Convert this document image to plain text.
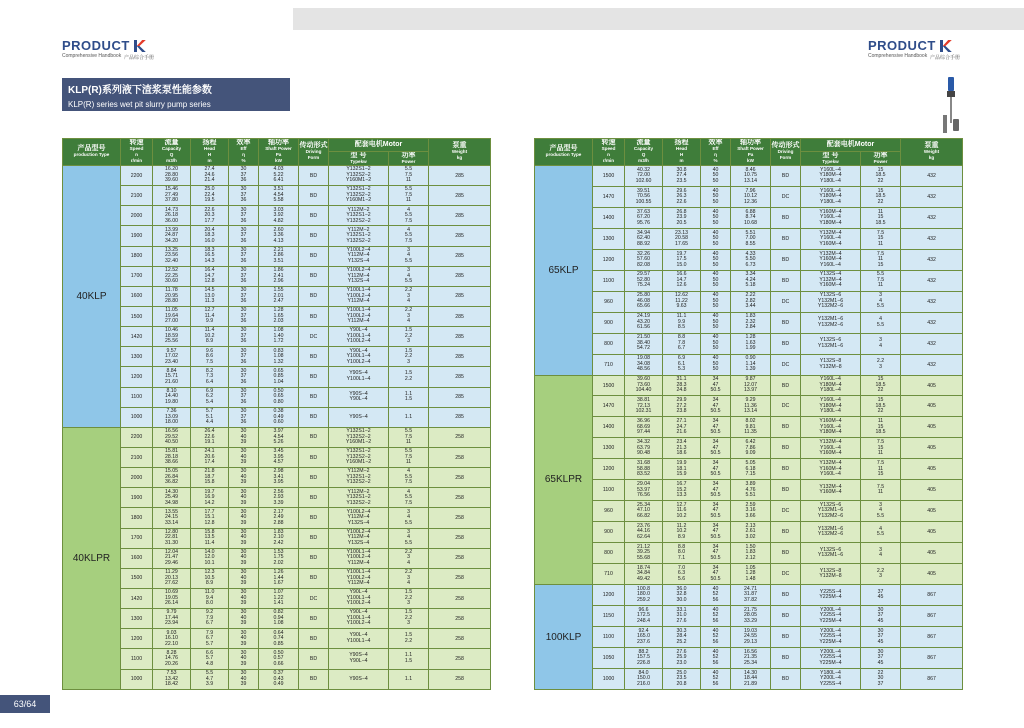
PRODUCT
Comprehensive Handbook 产品综合手册
PRODUCT
Comprehensive Handbook 产品综合手册
KLP(R)系列液下渣浆泵性能参数
KLP(R) series wet pit slurry pump series
产品型号
production Type	转速
Speed
n
r/min	流量
Capacity
Q
m3/h	扬程
Head
H
m	效率
Eff
η
%	轴功率
Shaft Power
Pa
kW	传动形式
Driving
Form	配套电机Motor		泵重
Weight
kg

							型 号
Typekw	功率
Power	

40KLP	2200	16.20
28.80
39.60	27.4
24.6
21.4	30
37
36	4.03
5.22
6.41	BD	Y132S1−2
Y132S2−2
Y160M1−2	5.5
7.5
11	285
	2100	15.46
27.49
37.80	25.0
22.4
19.5	30
37
36	3.51
4.54
5.58	BD	Y132S1−2
Y132S2−2
Y160M1−2	5.5
7.5
11	285
	2000	14.73
26.18
36.00	22.6
20.3
17.7	30
37
36	3.03
3.92
4.82	BD	Y112M−2
Y132S1−2
Y132S2−2	4
5.5
7.5	285
	1900	13.99
24.87
34.20	20.4
18.3
16.0	30
37
36	2.60
3.36
4.13	BD	Y112M−2
Y132S1−2
Y132S2−2	4
5.5
7.5	285
	1800	13.25
23.56
32.40	18.3
16.5
14.3	30
37
36	2.21
2.86
3.51	BD	Y100L2−4
Y112M−4
Y132S−4	3
4
5.5	285
	1700	12.52
22.25
30.60	16.4
14.7
12.8	30
37
36	1.86
2.41
2.96	BD	Y100L2−4
Y112M−4
Y132S−4	3
4
5.5	285
	1600	11.78
20.95
28.80	14.5
13.0
11.3	30
37
36	1.55
2.01
2.47	BD	Y100L1−4
Y100L2−4
Y112M−4	2.2
3
4	285
	1500	11.05
19.64
27.00	12.7
11.4
9.9	30
37
36	1.28
1.65
2.03	BD	Y100L1−4
Y100L2−4
Y112M−4	2.2
3
4	285
	1420	10.46
18.59
25.56	11.4
10.2
8.9	30
37
36	1.08
1.40
1.72	DC	Y90L−4
Y100L1−4
Y100L2−4	1.5
2.2
3	285
	1300	9.57
17.02
23.40	9.6
8.6
7.5	30
37
36	0.83
1.08
1.32	BD	Y90L−4
Y100L1−4
Y100L2−4	1.5
2.2
3	285
	1200	8.84
15.71
21.60	8.2
7.3
6.4	30
37
36	0.65
0.85
1.04	BD	Y90S−4
Y100L1−4	1.5
2.2	285
	1100	8.10
14.40
19.80	6.9
6.2
5.4	30
37
36	0.50
0.65
0.80	BD	Y90S−4
Y90L−4	1.1
1.5	285
	1000	7.36
13.09
18.00	5.7
5.1
4.4	30
37
36	0.38
0.49
0.60	BD	Y90S−4	1.1	285
40KLPR	2200	16.56
29.52
40.50	26.4
22.6
19.1	30
40
39	3.97
4.54
5.26	BD	Y132S1−2
Y132S2−2
Y160M1−2	5.5
7.5
11	258
	2100	15.81
28.18
38.66	24.1
20.6
17.4	30
40
39	3.45
3.95
4.57	BD	Y132S1−2
Y132S2−2
Y160M1−2	5.5
7.5
11	258
	2000	15.05
26.84
36.82	21.8
18.7
15.8	30
40
39	2.98
3.41
3.95	BD	Y112M−2
Y132S1−2
Y132S2−2	4
5.5
7.5	258
	1900	14.30
25.49
34.98	19.7
16.9
14.2	30
40
39	2.56
2.93
3.39	BD	Y112M−2
Y132S1−2
Y132S2−2	4
5.5
7.5	258
	1800	13.55
24.15
33.14	17.7
15.1
12.8	30
40
39	2.17
2.49
2.88	BD	Y100L2−4
Y112M−4
Y132S−4	3
4
5.5	258
	1700	12.80
22.81
31.30	15.8
13.5
11.4	30
40
39	1.83
2.10
2.42	BD	Y100L2−4
Y112M−4
Y132S−4	3
4
5.5	258
	1600	12.04
21.47
29.46	14.0
12.0
10.1	30
40
39	1.53
1.75
2.02	BD	Y100L1−4
Y100L2−4
Y112M−4	2.2
3
4	258
	1500	11.29
20.13
27.62	12.3
10.5
8.9	30
40
39	1.26
1.44
1.67	BD	Y100L1−4
Y100L2−4
Y112M−4	2.2
3
4	258
	1420	10.69
19.05
26.14	11.0
9.4
8.0	30
40
39	1.07
1.22
1.41	DC	Y90L−4
Y100L1−4
Y100L2−4	1.5
2.2
3	258
	1300	9.79
17.44
23.94	9.2
7.9
6.7	30
40
39	0.82
0.94
1.08	BD	Y90L−4
Y100L1−4
Y100L2−4	1.5
2.2
3	258
	1200	9.03
16.10
22.10	7.9
6.7
5.7	30
40
39	0.64
0.74
0.85	BD	Y90L−4
Y100L1−4	1.5
2.2	258
	1100	8.28
14.76
20.26	6.6
5.7
4.8	30
40
39	0.50
0.57
0.66	BD	Y90S−4
Y90L−4	1.1
1.5	258
	1000	7.53
13.42
18.42	5.5
4.7
3.9	30
40
39	0.37
0.43
0.49	BD	Y90S−4	1.1	258
产品型号
production Type	转速
Speed
n
r/min	流量
Capacity
Q
m3/h	扬程
Head
H
m	效率
Eff
η
%	轴功率
Shaft Power
Pa
kW	传动形式
Driving
Form	配套电机Motor		泵重
Weight
kg

							型 号
Typekw	功率
Power	

65KLP	1500	40.32
72.00
102.60	30.8
27.4
23.5	40
50
50	8.46
10.75
13.14	BD	Y160L−4
Y180M−4
Y180L−4	15
18.5
22	432
	1470	39.51
70.56
100.55	29.6
26.3
22.6	40
50
50	7.96
10.12
12.36	DC	Y160L−4
Y180M−4
Y180L−4	15
18.5
22	432
	1400	37.63
67.20
95.76	26.8
23.9
20.5	40
50
50	6.88
8.74
10.68	BD	Y160M−4
Y160L−4
Y180M−4	11
15
18.5	432
	1300	34.94
62.40
88.92	23.13
20.58
17.65	40
50
50	5.51
7.00
8.55	BD	Y132M−4
Y160L−4
Y160M−4	7.5
15
11	432
	1200	32.26
57.60
82.08	19.7
17.5
15.0	40
50
50	4.33
5.50
6.73	BD	Y132M−4
Y160M−4
Y160L−4	7.5
11
15	432
	1100	29.57
52.80
75.24	16.6
14.7
12.6	40
50
50	3.34
4.24
5.18	BD	Y132S−4
Y132M−4
Y160M−4	5.5
7.5
11	432
	960	25.80
46.08
65.66	12.62
11.22
9.63	40
50
50	2.22
2.82
3.44	DC	Y132S−6
Y132M1−6
Y132M2−6	3
4
5.5	432
	900	24.19
43.20
61.56	11.1
9.9
8.5	40
50
50	1.83
2.32
2.84	BD	Y132M1−6
Y132M2−6	4
5.5	432
	800	21.50
38.40
54.72	8.8
7.8
6.7	40
50
50	1.28
1.63
1.99	BD	Y132S−6
Y132M1−6	3
4	432
	710	19.08
34.08
48.56	6.9
6.1
5.3	40
50
50	0.90
1.14
1.39	DC	Y132S−8
Y132M−8	2.2
3	432
65KLPR	1500	39.60
73.60
104.40	31.1
28.3
24.8	34
47
50.5	9.87
12.07
13.97	BD	Y160L−4
Y180M−4
Y180L−4	15
18.5
22	405
	1470	38.81
72.13
102.31	29.9
27.2
23.8	34
47
50.5	9.29
11.36
13.14	DC	Y160L−4
Y180M−4
Y180L−4	15
18.5
22	405
	1400	36.96
68.69
97.44	27.1
24.7
21.6	34
47
50.5	8.02
9.81
11.35	BD	Y160M−4
Y160L−4
Y180M−4	11
15
18.5	405
	1300	34.32
63.79
90.48	23.4
21.3
18.6	34
47
50.5	6.42
7.86
9.09	BD	Y132M−4
Y160L−4
Y160M−4	7.5
15
11	405
	1200	31.68
58.88
83.52	19.9
18.1
15.9	34
47
50.5	5.05
6.18
7.15	BD	Y132M−4
Y160M−4
Y160L−4	7.5
11
15	405
	1100	29.04
53.97
76.56	16.7
15.2
13.3	34
47
50.5	3.89
4.76
5.51	BD	Y132M−4
Y160M−4	7.5
11	405
	960	25.34
47.10
66.82	12.7
11.6
10.2	34
47
50.5	2.59
3.16
3.66	DC	Y132S−6
Y132M1−6
Y132M2−6	3
4
5.5	405
	900	23.76
44.16
62.64	11.2
10.2
8.9	34
47
50.5	2.13
2.61
3.02	BD	Y132M1−6
Y132M2−6	4
5.5	405
	800	21.12
39.25
55.68	8.8
8.0
7.1	34
47
50.5	1.50
1.83
2.12	BD	Y132S−6
Y132M1−6	3
4	405
	710	18.74
34.84
49.42	7.0
6.3
5.6	34
47
50.5	1.05
1.28
1.48	DC	Y132S−8
Y132M−8	2.2
3	405
100KLP	1200	100.8
180.0
259.2	36.0
32.8
30.0	40
52
56	24.71
31.87
37.82	BD	Y225S−4
Y225M−4	37
45	867
	1150	96.6
172.5
248.4	33.1
31.0
27.6	40
52
56	21.75
28.05
33.29	BD	Y200L−4
Y225S−4
Y225M−4	30
37
45	867
	1100	92.4
165.0
237.6	30.3
28.4
25.2	40
52
56	19.03
24.55
29.13	BD	Y200L−4
Y225S−4
Y225M−4	30
37
45	867
	1050	88.2
157.5
226.8	27.6
25.9
23.0	40
52
56	16.56
21.35
25.34	BD	Y200L−4
Y225S−4
Y225M−4	30
37
45	867
	1000	84.0
150.0
216.0	25.0
23.5
20.8	40
52
56	14.30
18.44
21.89	BD	Y180L−4
Y200L−4
Y225S−4	22
30
37	867
63/64
